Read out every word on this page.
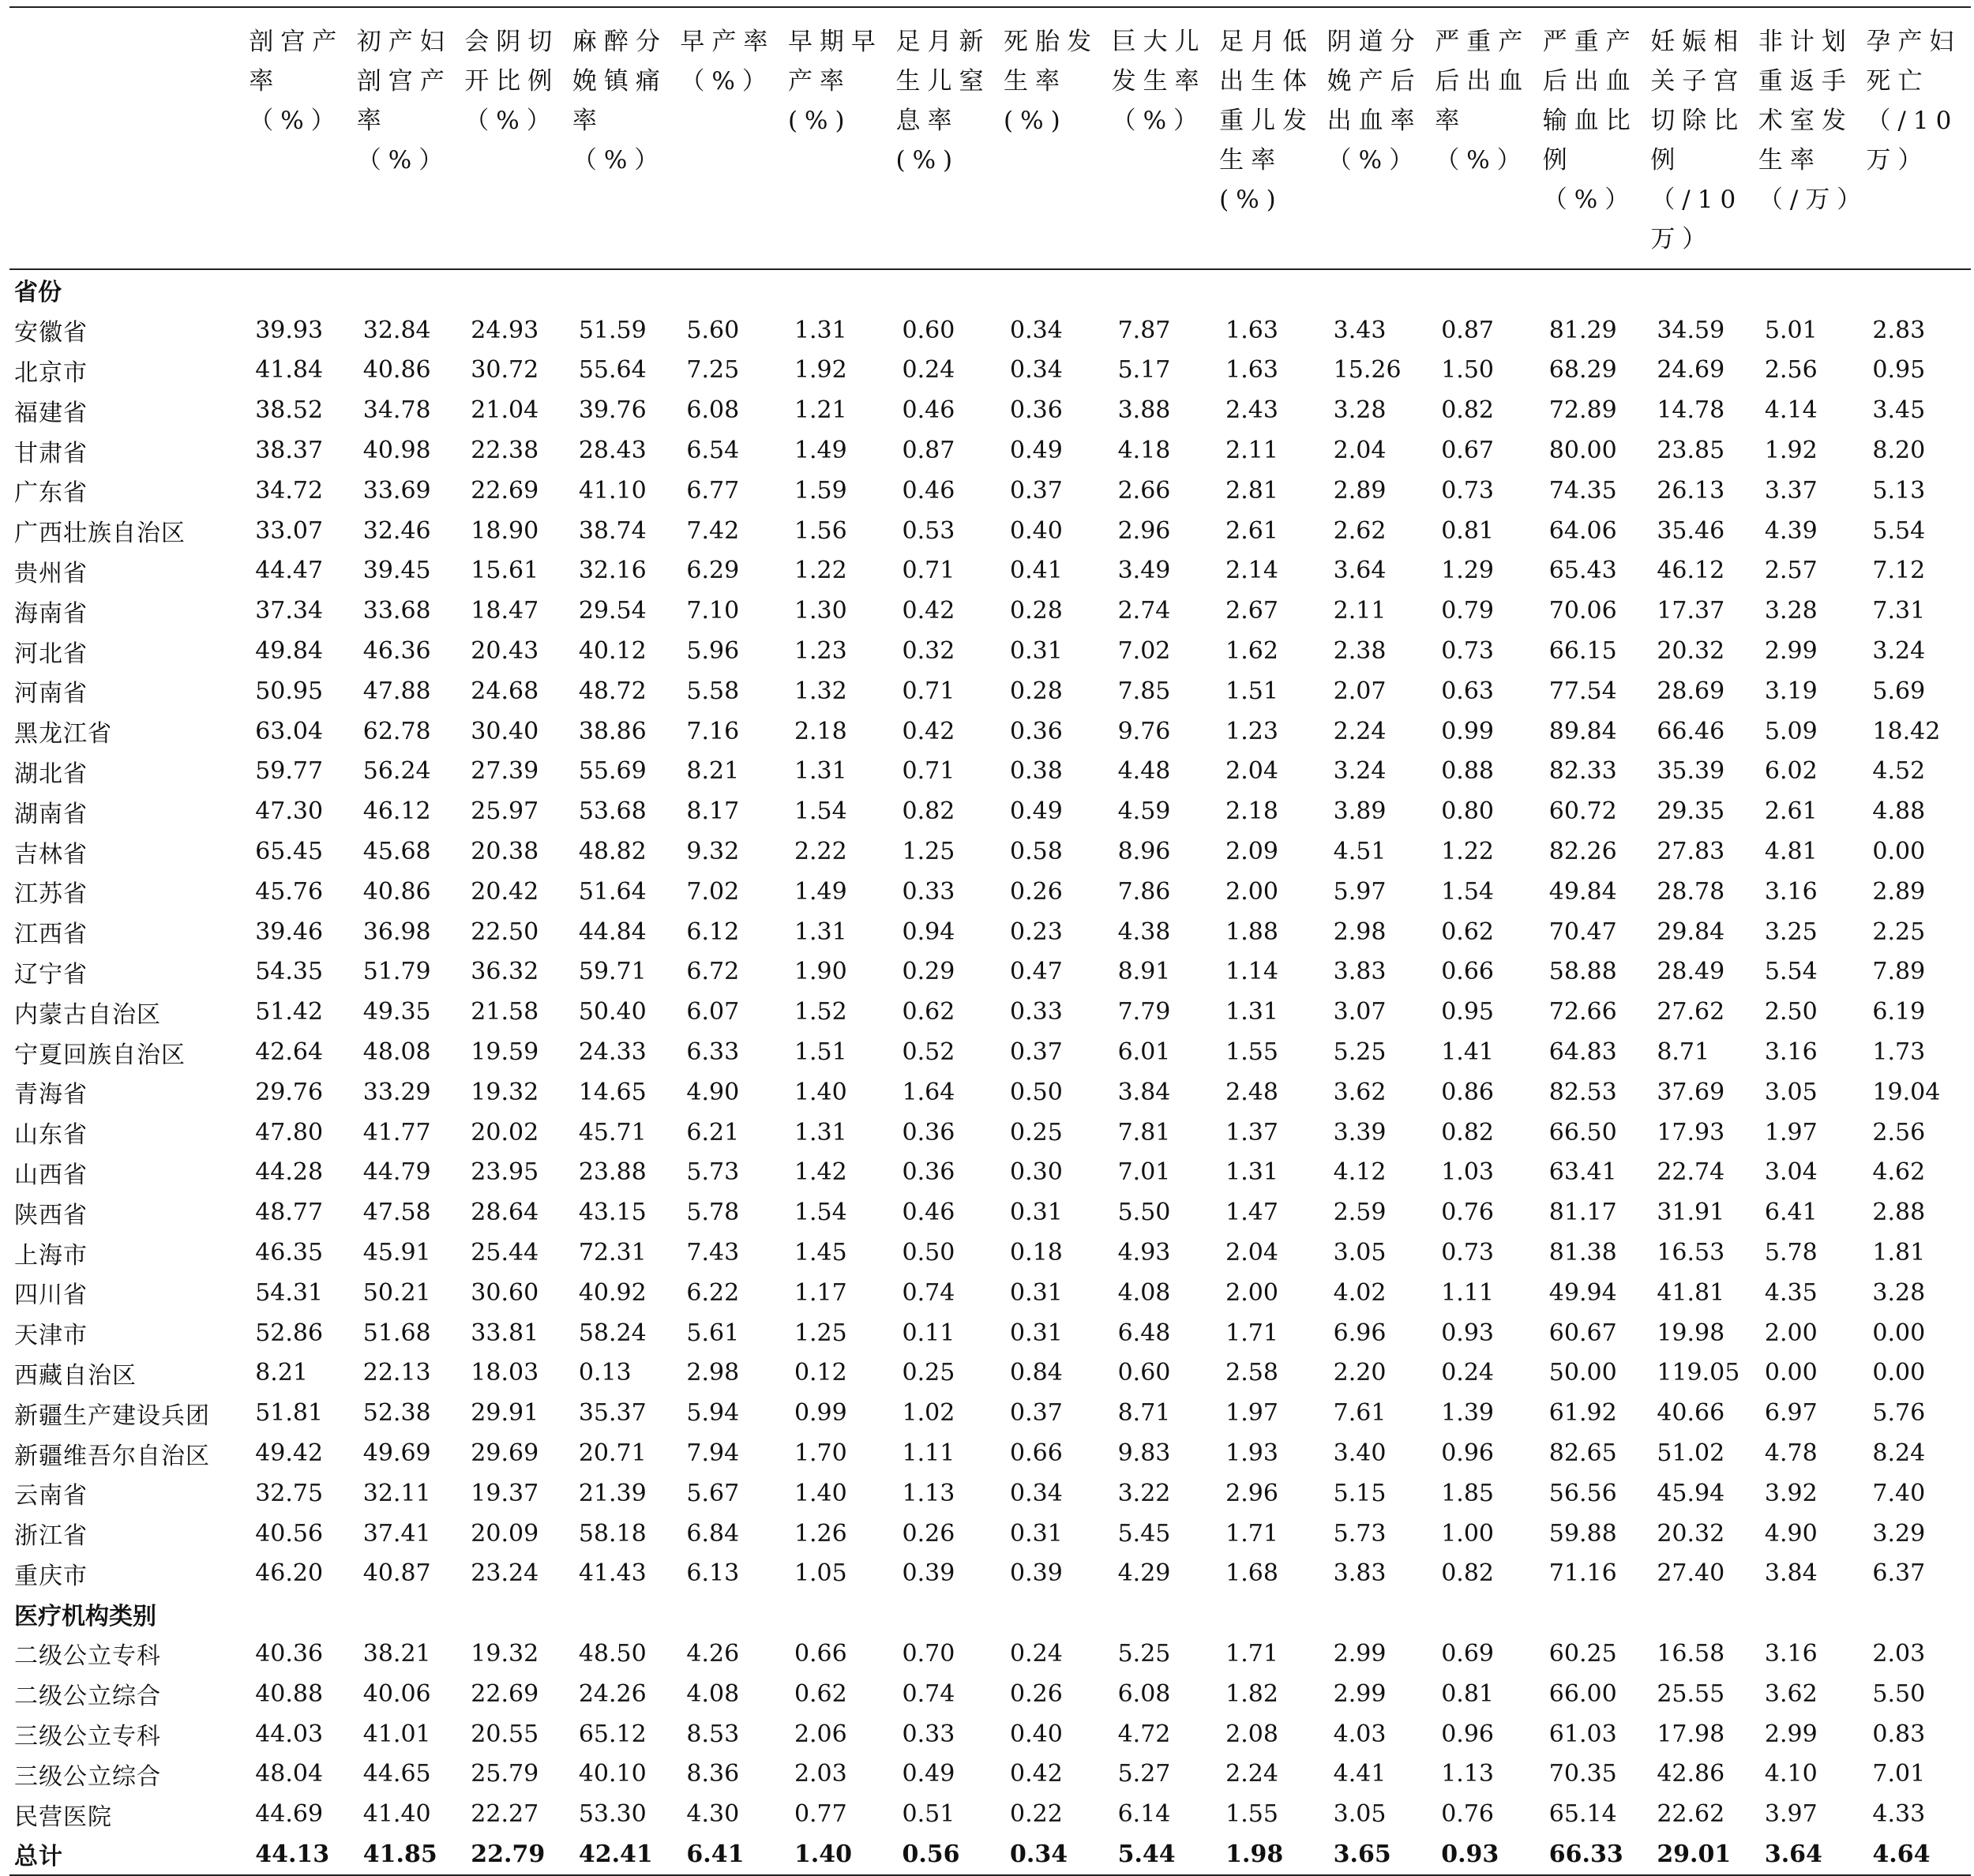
	剖宫产率（%）	初产妇剖宫产率（%）	会阴切开比例（%）	麻醉分娩镇痛率（%）	早产率（%）	早期早产率(%)	足月新生儿窒息率(%)	死胎发生率(%)	巨大儿发生率（%）	足月低出生体重儿发生率(%)	阴道分娩产后出血率（%）	严重产后出血率（%）	严重产后出血输血比例（%）	妊娠相关子宫切除比例（/10万）	非计划重返手术室发生率（/万）	孕产妇死亡（/10万）
省份																
安徽省	39.93	32.84	24.93	51.59	5.60	1.31	0.60	0.34	7.87	1.63	3.43	0.87	81.29	34.59	5.01	2.83
北京市	41.84	40.86	30.72	55.64	7.25	1.92	0.24	0.34	5.17	1.63	15.26	1.50	68.29	24.69	2.56	0.95
福建省	38.52	34.78	21.04	39.76	6.08	1.21	0.46	0.36	3.88	2.43	3.28	0.82	72.89	14.78	4.14	3.45
甘肃省	38.37	40.98	22.38	28.43	6.54	1.49	0.87	0.49	4.18	2.11	2.04	0.67	80.00	23.85	1.92	8.20
广东省	34.72	33.69	22.69	41.10	6.77	1.59	0.46	0.37	2.66	2.81	2.89	0.73	74.35	26.13	3.37	5.13
广西壮族自治区	33.07	32.46	18.90	38.74	7.42	1.56	0.53	0.40	2.96	2.61	2.62	0.81	64.06	35.46	4.39	5.54
贵州省	44.47	39.45	15.61	32.16	6.29	1.22	0.71	0.41	3.49	2.14	3.64	1.29	65.43	46.12	2.57	7.12
海南省	37.34	33.68	18.47	29.54	7.10	1.30	0.42	0.28	2.74	2.67	2.11	0.79	70.06	17.37	3.28	7.31
河北省	49.84	46.36	20.43	40.12	5.96	1.23	0.32	0.31	7.02	1.62	2.38	0.73	66.15	20.32	2.99	3.24
河南省	50.95	47.88	24.68	48.72	5.58	1.32	0.71	0.28	7.85	1.51	2.07	0.63	77.54	28.69	3.19	5.69
黑龙江省	63.04	62.78	30.40	38.86	7.16	2.18	0.42	0.36	9.76	1.23	2.24	0.99	89.84	66.46	5.09	18.42
湖北省	59.77	56.24	27.39	55.69	8.21	1.31	0.71	0.38	4.48	2.04	3.24	0.88	82.33	35.39	6.02	4.52
湖南省	47.30	46.12	25.97	53.68	8.17	1.54	0.82	0.49	4.59	2.18	3.89	0.80	60.72	29.35	2.61	4.88
吉林省	65.45	45.68	20.38	48.82	9.32	2.22	1.25	0.58	8.96	2.09	4.51	1.22	82.26	27.83	4.81	0.00
江苏省	45.76	40.86	20.42	51.64	7.02	1.49	0.33	0.26	7.86	2.00	5.97	1.54	49.84	28.78	3.16	2.89
江西省	39.46	36.98	22.50	44.84	6.12	1.31	0.94	0.23	4.38	1.88	2.98	0.62	70.47	29.84	3.25	2.25
辽宁省	54.35	51.79	36.32	59.71	6.72	1.90	0.29	0.47	8.91	1.14	3.83	0.66	58.88	28.49	5.54	7.89
内蒙古自治区	51.42	49.35	21.58	50.40	6.07	1.52	0.62	0.33	7.79	1.31	3.07	0.95	72.66	27.62	2.50	6.19
宁夏回族自治区	42.64	48.08	19.59	24.33	6.33	1.51	0.52	0.37	6.01	1.55	5.25	1.41	64.83	8.71	3.16	1.73
青海省	29.76	33.29	19.32	14.65	4.90	1.40	1.64	0.50	3.84	2.48	3.62	0.86	82.53	37.69	3.05	19.04
山东省	47.80	41.77	20.02	45.71	6.21	1.31	0.36	0.25	7.81	1.37	3.39	0.82	66.50	17.93	1.97	2.56
山西省	44.28	44.79	23.95	23.88	5.73	1.42	0.36	0.30	7.01	1.31	4.12	1.03	63.41	22.74	3.04	4.62
陕西省	48.77	47.58	28.64	43.15	5.78	1.54	0.46	0.31	5.50	1.47	2.59	0.76	81.17	31.91	6.41	2.88
上海市	46.35	45.91	25.44	72.31	7.43	1.45	0.50	0.18	4.93	2.04	3.05	0.73	81.38	16.53	5.78	1.81
四川省	54.31	50.21	30.60	40.92	6.22	1.17	0.74	0.31	4.08	2.00	4.02	1.11	49.94	41.81	4.35	3.28
天津市	52.86	51.68	33.81	58.24	5.61	1.25	0.11	0.31	6.48	1.71	6.96	0.93	60.67	19.98	2.00	0.00
西藏自治区	8.21	22.13	18.03	0.13	2.98	0.12	0.25	0.84	0.60	2.58	2.20	0.24	50.00	119.05	0.00	0.00
新疆生产建设兵团	51.81	52.38	29.91	35.37	5.94	0.99	1.02	0.37	8.71	1.97	7.61	1.39	61.92	40.66	6.97	5.76
新疆维吾尔自治区	49.42	49.69	29.69	20.71	7.94	1.70	1.11	0.66	9.83	1.93	3.40	0.96	82.65	51.02	4.78	8.24
云南省	32.75	32.11	19.37	21.39	5.67	1.40	1.13	0.34	3.22	2.96	5.15	1.85	56.56	45.94	3.92	7.40
浙江省	40.56	37.41	20.09	58.18	6.84	1.26	0.26	0.31	5.45	1.71	5.73	1.00	59.88	20.32	4.90	3.29
重庆市	46.20	40.87	23.24	41.43	6.13	1.05	0.39	0.39	4.29	1.68	3.83	0.82	71.16	27.40	3.84	6.37
医疗机构类别																
二级公立专科	40.36	38.21	19.32	48.50	4.26	0.66	0.70	0.24	5.25	1.71	2.99	0.69	60.25	16.58	3.16	2.03
二级公立综合	40.88	40.06	22.69	24.26	4.08	0.62	0.74	0.26	6.08	1.82	2.99	0.81	66.00	25.55	3.62	5.50
三级公立专科	44.03	41.01	20.55	65.12	8.53	2.06	0.33	0.40	4.72	2.08	4.03	0.96	61.03	17.98	2.99	0.83
三级公立综合	48.04	44.65	25.79	40.10	8.36	2.03	0.49	0.42	5.27	2.24	4.41	1.13	70.35	42.86	4.10	7.01
民营医院	44.69	41.40	22.27	53.30	4.30	0.77	0.51	0.22	6.14	1.55	3.05	0.76	65.14	22.62	3.97	4.33
总计	44.13	41.85	22.79	42.41	6.41	1.40	0.56	0.34	5.44	1.98	3.65	0.93	66.33	29.01	3.64	4.64
